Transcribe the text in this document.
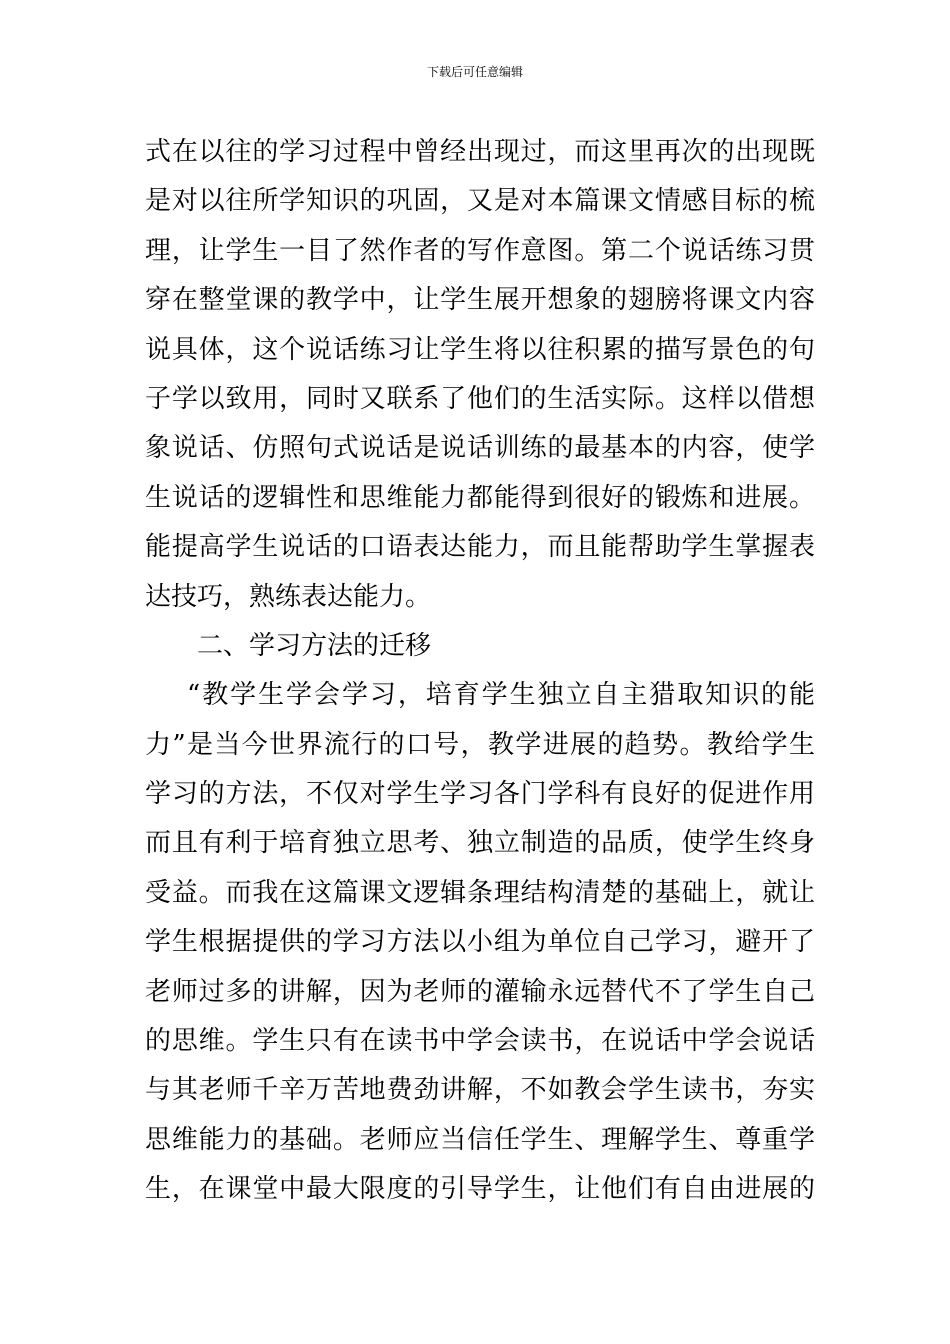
下载后可任意编辑
式在以往的学习过程中曾经出现过，而这里再次的出现既
是对以往所学知识的巩固，又是对本篇课文情感目标的梳
理，让学生一目了然作者的写作意图。第二个说话练习贯
穿在整堂课的教学中，让学生展开想象的翅膀将课文内容
说具体，这个说话练习让学生将以往积累的描写景色的句
子学以致用，同时又联系了他们的生活实际。这样以借想
象说话、仿照句式说话是说话训练的最基本的内容，使学
生说话的逻辑性和思维能力都能得到很好的锻炼和进展。
能提高学生说话的口语表达能力，而且能帮助学生掌握表
达技巧，熟练表达能力。
二、学习方法的迁移
“教学生学会学习，培育学生独立自主猎取知识的能
力”是当今世界流行的口号，教学进展的趋势。教给学生
学习的方法，不仅对学生学习各门学科有良好的促进作用
而且有利于培育独立思考、独立制造的品质，使学生终身
受益。而我在这篇课文逻辑条理结构清楚的基础上，就让
学生根据提供的学习方法以小组为单位自己学习，避开了
老师过多的讲解，因为老师的灌输永远替代不了学生自己
的思维。学生只有在读书中学会读书，在说话中学会说话
与其老师千辛万苦地费劲讲解，不如教会学生读书，夯实
思维能力的基础。老师应当信任学生、理解学生、尊重学
生，在课堂中最大限度的引导学生，让他们有自由进展的
